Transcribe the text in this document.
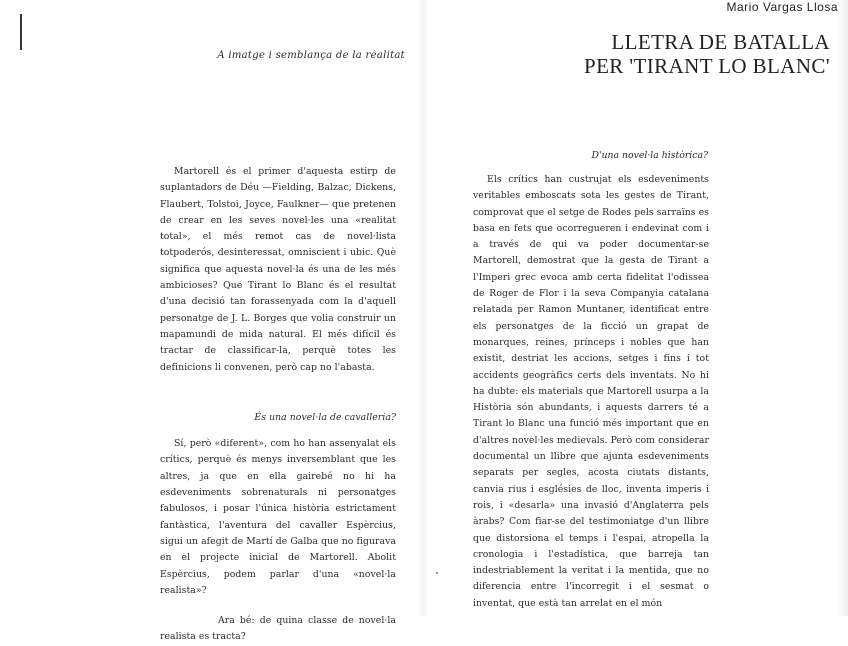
A imatge i semblança de la realitat

Martorell és el primer d'aquesta estirp de suplantadors de Déu —Fielding, Balzac, Dickens, Flaubert, Tolstoi, Joyce, Faulkner— que pretenen de crear en les seves novel·les una «realitat total», el més remot cas de novel·lista totpoderós, desinteressat, omniscient i ubic. Què significa que aquesta novel·la és una de les més ambicioses? Que Tirant lo Blanc és el resultat d'una decisió tan forassenyada com la d'aquell personatge de J. L. Borges que volia construir un mapamundi de mida natural. El més difícil és tractar de classificar-la, perquè totes les definicions li convenen, però cap no l'abasta.

És una novel·la de cavalleria?

Sí, però «diferent», com ho han assenyalat els crítics, perquè és menys inversemblant que les altres, ja que en ella gairebé no hi ha esdeveniments sobrenaturals ni personatges fabulosos, i posar l'única història estrictament fantàstica, l'aventura del cavaller Espèrcius, sigui un afegit de Martí de Galba que no figurava en el projecte inicial de Martorell. Abolit Espèrcius, podem parlar d'una «novel·la realista»?

Ara bé: de quina classe de novel·la realista es tracta?

Mario Vargas Llosa
LLETRA DE BATALLA
PER 'TIRANT LO BLANC'
D'una novel·la històrica?

Els crítics han custrujat els esdeveniments veritables emboscats sota les gestes de Tirant, comprovat que el setge de Rodes pels sarraïns es basa en fets que ocorregueren i endevinat com i a través de qui va poder documentar-se Martorell, demostrat que la gesta de Tirant a l'Imperi grec evoca amb certa fidelitat l'odissea de Roger de Flor i la seva Companyia catalana relatada per Ramon Muntaner, identificat entre els personatges de la ficció un grapat de monarques, reines, prínceps i nobles que han existit, destriat les accions, setges i fins i tot accidents geogràfics certs dels inventats. No hi ha dubte: els materials que Martorell usurpa a la Història són abundants, i aquests darrers té a Tirant lo Blanc una funció més important que en d'altres novel·les medievals. Però com considerar documental un llibre que ajunta esdeveniments separats per segles, acosta ciutats distants, canvia rius i esglésies de lloc, inventa imperis i rois, i «desarla» una invasió d'Anglaterra pels àrabs? Com fiar-se del testimoniatge d'un llibre que distorsiona el temps i l'espai, atropella la cronologia i l'estadística, que barreja tan indestriablement la veritat i la mentida, que no diferencia entre l'incorregit i el sesmat o inventat, que està tan arrelat en el món
